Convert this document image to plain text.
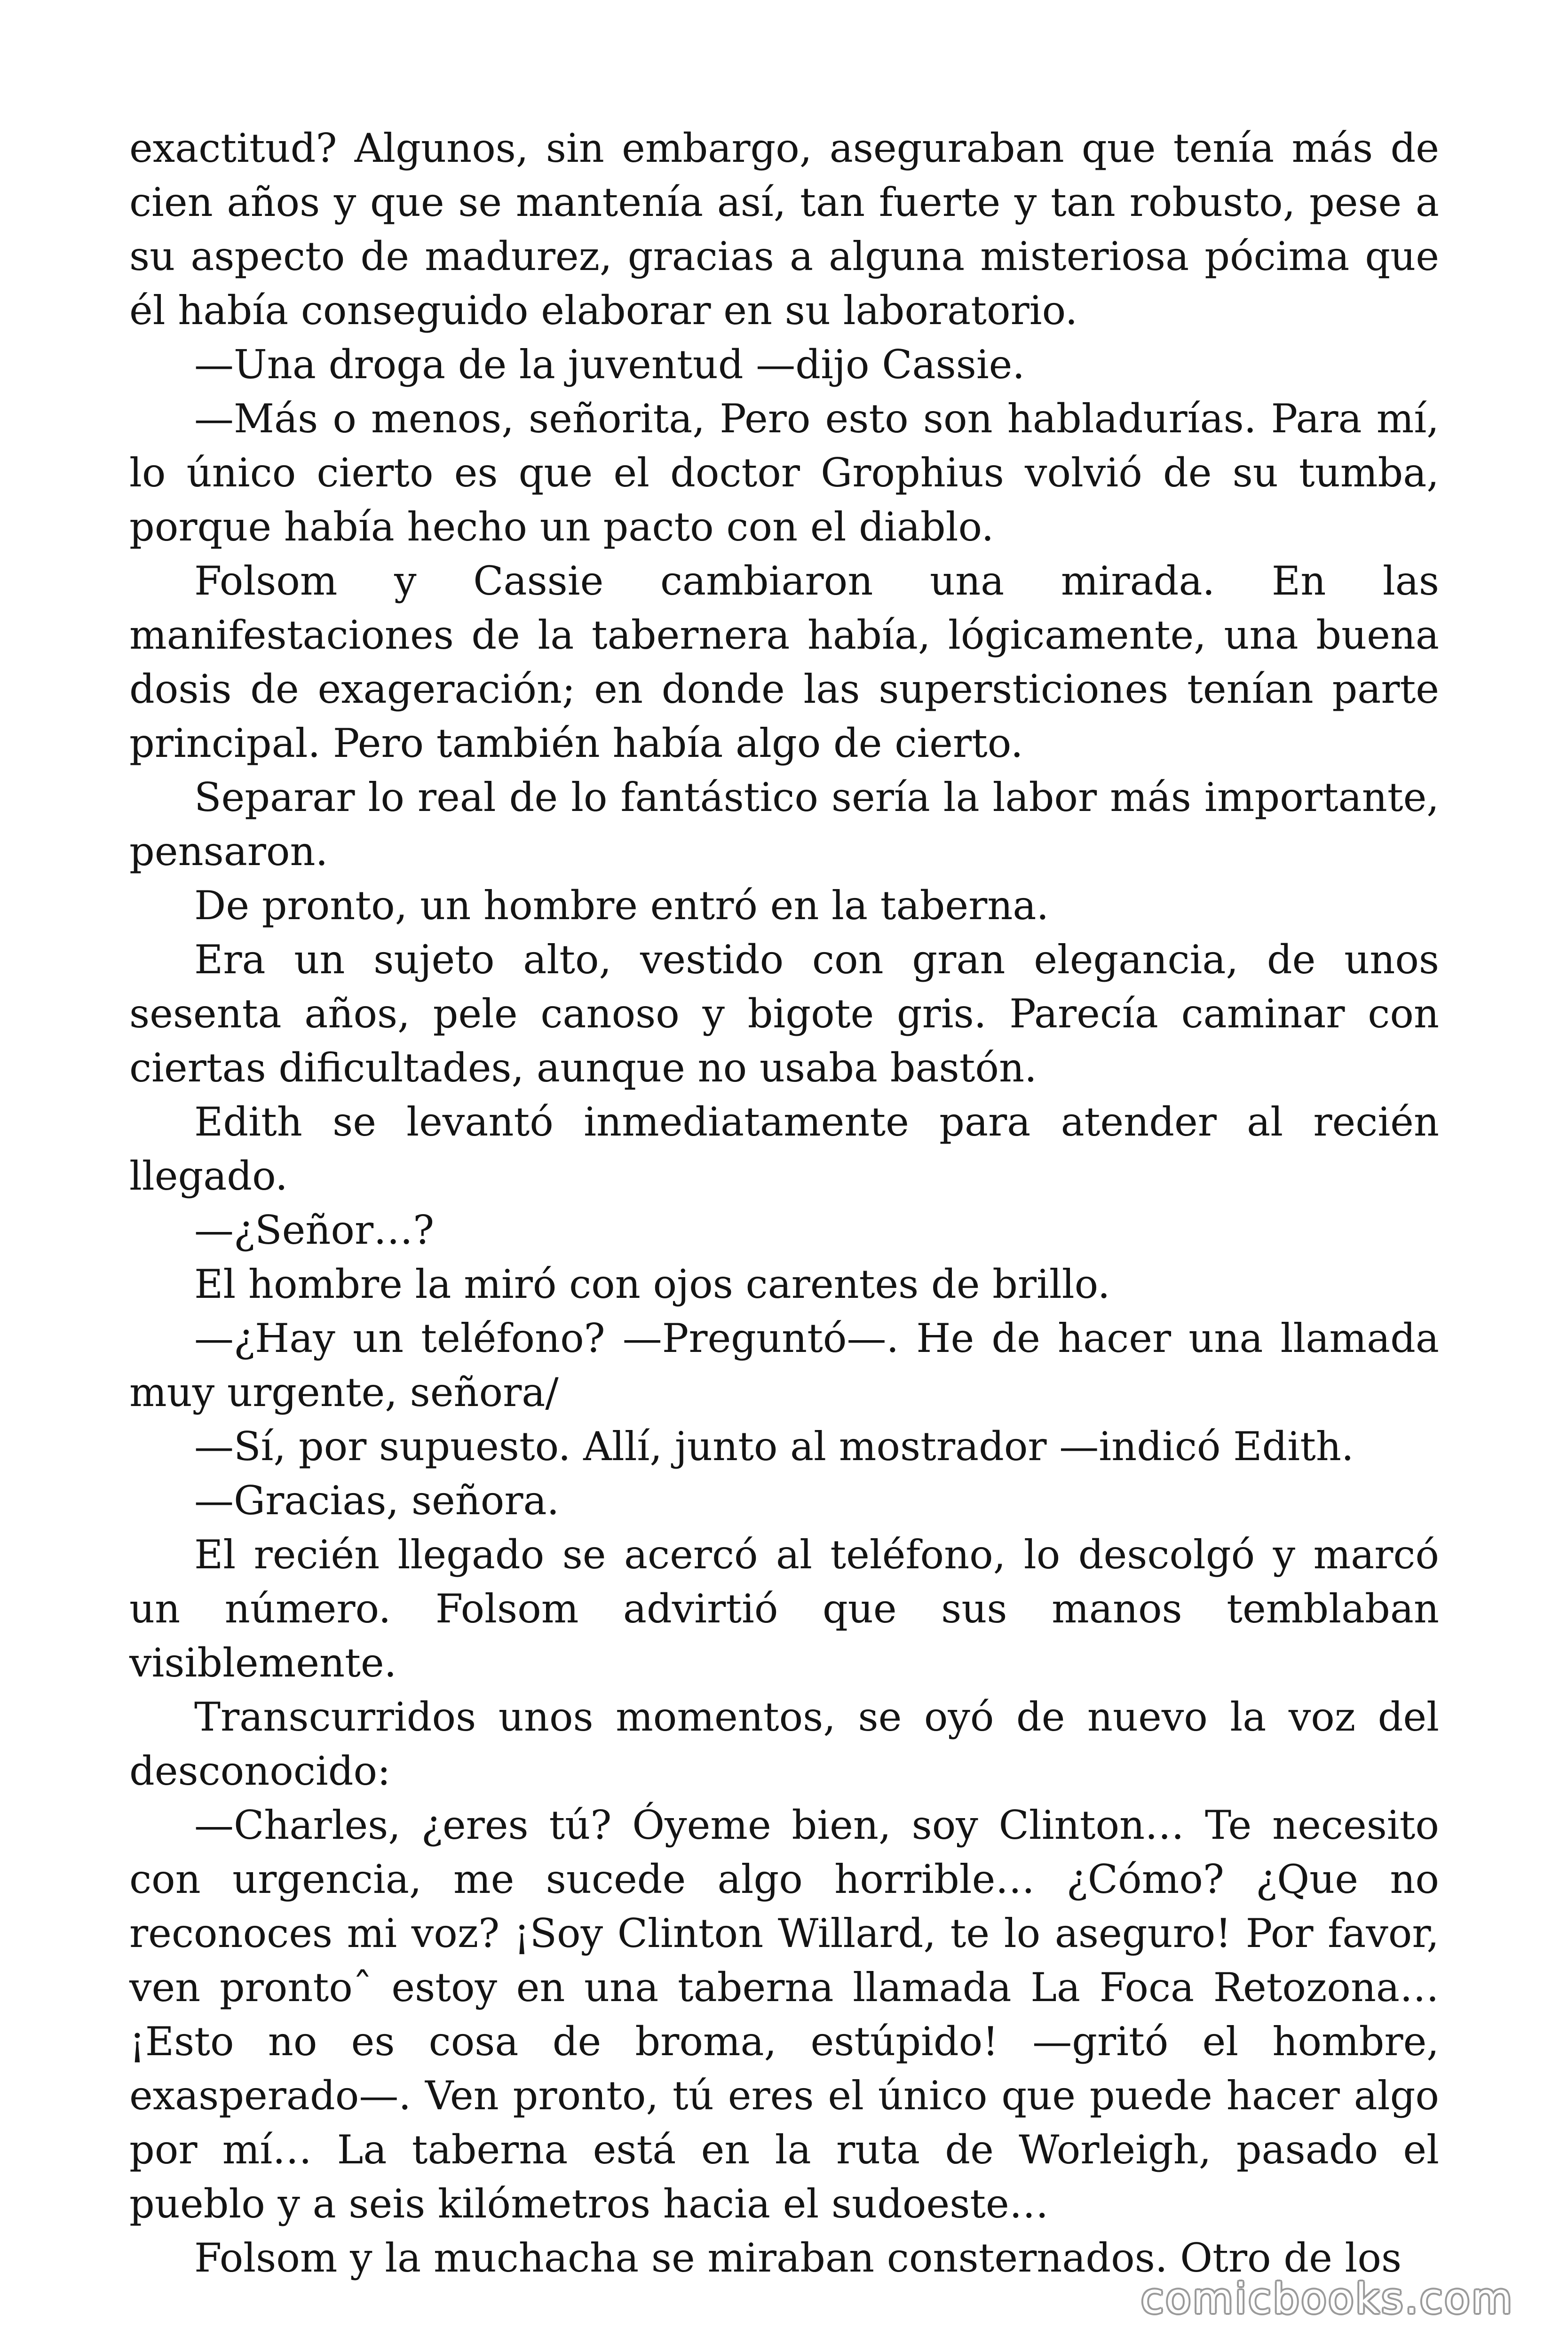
exactitud? Algunos, sin embargo, aseguraban que tenía más de cien años y que se mantenía así, tan fuerte y tan robusto, pese a su aspecto de madurez, gracias a alguna misteriosa pócima que él había conseguido elaborar en su laboratorio.

—Una droga de la juventud —dijo Cassie.

—Más o menos, señorita, Pero esto son habladurías. Para mí, lo único cierto es que el doctor Grophius volvió de su tumba, porque había hecho un pacto con el diablo.

Folsom y Cassie cambiaron una mirada. En las manifestaciones de la tabernera había, lógicamente, una buena dosis de exageración; en donde las supersticiones tenían parte principal. Pero también había algo de cierto.

Separar lo real de lo fantástico sería la labor más importante, pensaron.

De pronto, un hombre entró en la taberna.

Era un sujeto alto, vestido con gran elegancia, de unos sesenta años, pele canoso y bigote gris. Parecía caminar con ciertas dificultades, aunque no usaba bastón.

Edith se levantó inmediatamente para atender al recién llegado.

—¿Señor…?

El hombre la miró con ojos carentes de brillo.

—¿Hay un teléfono? —Preguntó—. He de hacer una llamada muy urgente, señora/

—Sí, por supuesto. Allí, junto al mostrador —indicó Edith.

—Gracias, señora.

El recién llegado se acercó al teléfono, lo descolgó y marcó un número. Folsom advirtió que sus manos temblaban visiblemente.

Transcurridos unos momentos, se oyó de nuevo la voz del desconocido:

—Charles, ¿eres tú? Óyeme bien, soy Clinton… Te necesito con urgencia, me sucede algo horrible… ¿Cómo? ¿Que no reconoces mi voz? ¡Soy Clinton Willard, te lo aseguro! Por favor, ven prontoˆ estoy en una taberna llamada La Foca Retozona… ¡Esto no es cosa de broma, estúpido! —gritó el hombre, exasperado—. Ven pronto, tú eres el único que puede hacer algo por mí… La taberna está en la ruta de Worleigh, pasado el pueblo y a seis kilómetros hacia el sudoeste…

Folsom y la muchacha se miraban consternados. Otro de los

comicbooks.com
